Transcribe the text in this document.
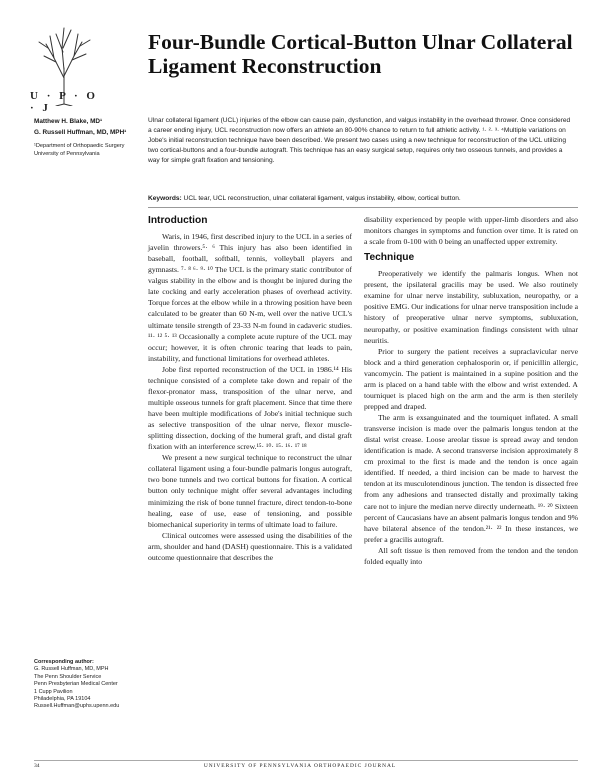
U · P · O · J
Four-Bundle Cortical-Button Ulnar Collateral Ligament Reconstruction
Matthew H. Blake, MD¹
G. Russell Huffman, MD, MPH¹
¹Department of Orthopaedic Surgery
University of Pennsylvania

Ulnar collateral ligament (UCL) injuries of the elbow can cause pain, dysfunction, and valgus instability in the overhead thrower. Once considered a career ending injury, UCL reconstruction now offers an athlete an 80-90% chance to return to full athletic activity. ¹· ²· ³· ⁴Multiple variations on Jobe's initial reconstruction technique have been described. We present two cases using a new technique for reconstruction of the UCL utilizing two cortical-buttons and a four-bundle autograft. This technique has an easy surgical setup, requires only two osseous tunnels, and provides a way for simple graft fixation and tensioning.

Keywords: UCL tear, UCL reconstruction, ulnar collateral ligament, valgus instability, elbow, cortical button.

Introduction

Waris, in 1946, first described injury to the UCL in a series of javelin throwers.⁵· ⁶ This injury has also been identified in baseball, football, softball, tennis, volleyball players and gymnasts. ⁷· ⁸ ⁶· ⁹· ¹⁰ The UCL is the primary static contributor of valgus stability in the elbow and is thought be injured during the late cocking and early acceleration phases of overhead activity. Torque forces at the elbow while in a throwing position have been calculated to be greater than 60 N-m, well over the native UCL's ultimate tensile strength of 23-33 N-m found in cadaveric studies. ¹¹· ¹² ⁵· ¹³ Occasionally a complete acute rupture of the UCL may occur; however, it is often chronic tearing that leads to pain, instability, and functional limitations for overhead athletes.

Jobe first reported reconstruction of the UCL in 1986.¹⁴ His technique consisted of a complete take down and repair of the flexor-pronator mass, transposition of the ulnar nerve, and multiple osseous tunnels for graft placement. Since that time there have been multiple modifications of Jobe's initial technique such as selective transposition of the ulnar nerve, flexor muscle-splitting dissection, docking of the humeral graft, and distal graft fixation with an interference screw.¹⁵· ¹⁰· ¹⁵· ¹⁶· ¹⁷ ¹⁸

We present a new surgical technique to reconstruct the ulnar collateral ligament using a four-bundle palmaris longus autograft, two bone tunnels and two cortical buttons for fixation. A cortical button only technique might offer several advantages including minimizing the risk of bone tunnel fracture, direct tendon-to-bone healing, ease of use, ease of tensioning, and possible biomechanical superiority in terms of ultimate load to failure.

Clinical outcomes were assessed using the disabilities of the arm, shoulder and hand (DASH) questionnaire. This is a validated outcome questionnaire that describes the

disability experienced by people with upper-limb disorders and also monitors changes in symptoms and function over time. It is rated on a scale from 0-100 with 0 being an unaffected upper extremity.

Technique

Preoperatively we identify the palmaris longus. When not present, the ipsilateral gracilis may be used. We also routinely examine for ulnar nerve instability, subluxation, neuropathy, or a positive EMG. Our indications for ulnar nerve transposition include a history of preoperative ulnar nerve symptoms, subluxation, neuropathy, or positive examination findings consistent with ulnar neuritis.

Prior to surgery the patient receives a supraclavicular nerve block and a third generation cephalosporin or, if penicillin allergic, vancomycin. The patient is maintained in a supine position and the arm is placed on a hand table with the elbow and wrist extended. A tourniquet is placed high on the arm and the arm is then sterilely prepped and draped.

The arm is exsanguinated and the tourniquet inflated. A small transverse incision is made over the palmaris longus tendon at the distal wrist crease. Loose areolar tissue is spread away and tendon identification is made. A second transverse incision approximately 8 cm proximal to the first is made and the tendon is once again identified. If needed, a third incision can be made to harvest the tendon at its musculotendinous junction. The tendon is dissected free from any adhesions and transected distally and proximally taking care not to injure the median nerve directly underneath. ¹⁹· ²⁰ Sixteen percent of Caucasians have an absent palmaris longus tendon and 9% have bilateral absence of the tendon.²¹· ²² In these instances, we prefer a gracilis autograft.

All soft tissue is then removed from the tendon and the tendon folded equally into

Corresponding author:
G. Russell Huffman, MD, MPH
The Penn Shoulder Service
Penn Presbyterian Medical Center
1 Cupp Pavilion
Philadelphia, PA 19104
Russell.Huffman@uphs.upenn.edu
34	UNIVERSITY OF PENNSYLVANIA ORTHOPAEDIC JOURNAL
